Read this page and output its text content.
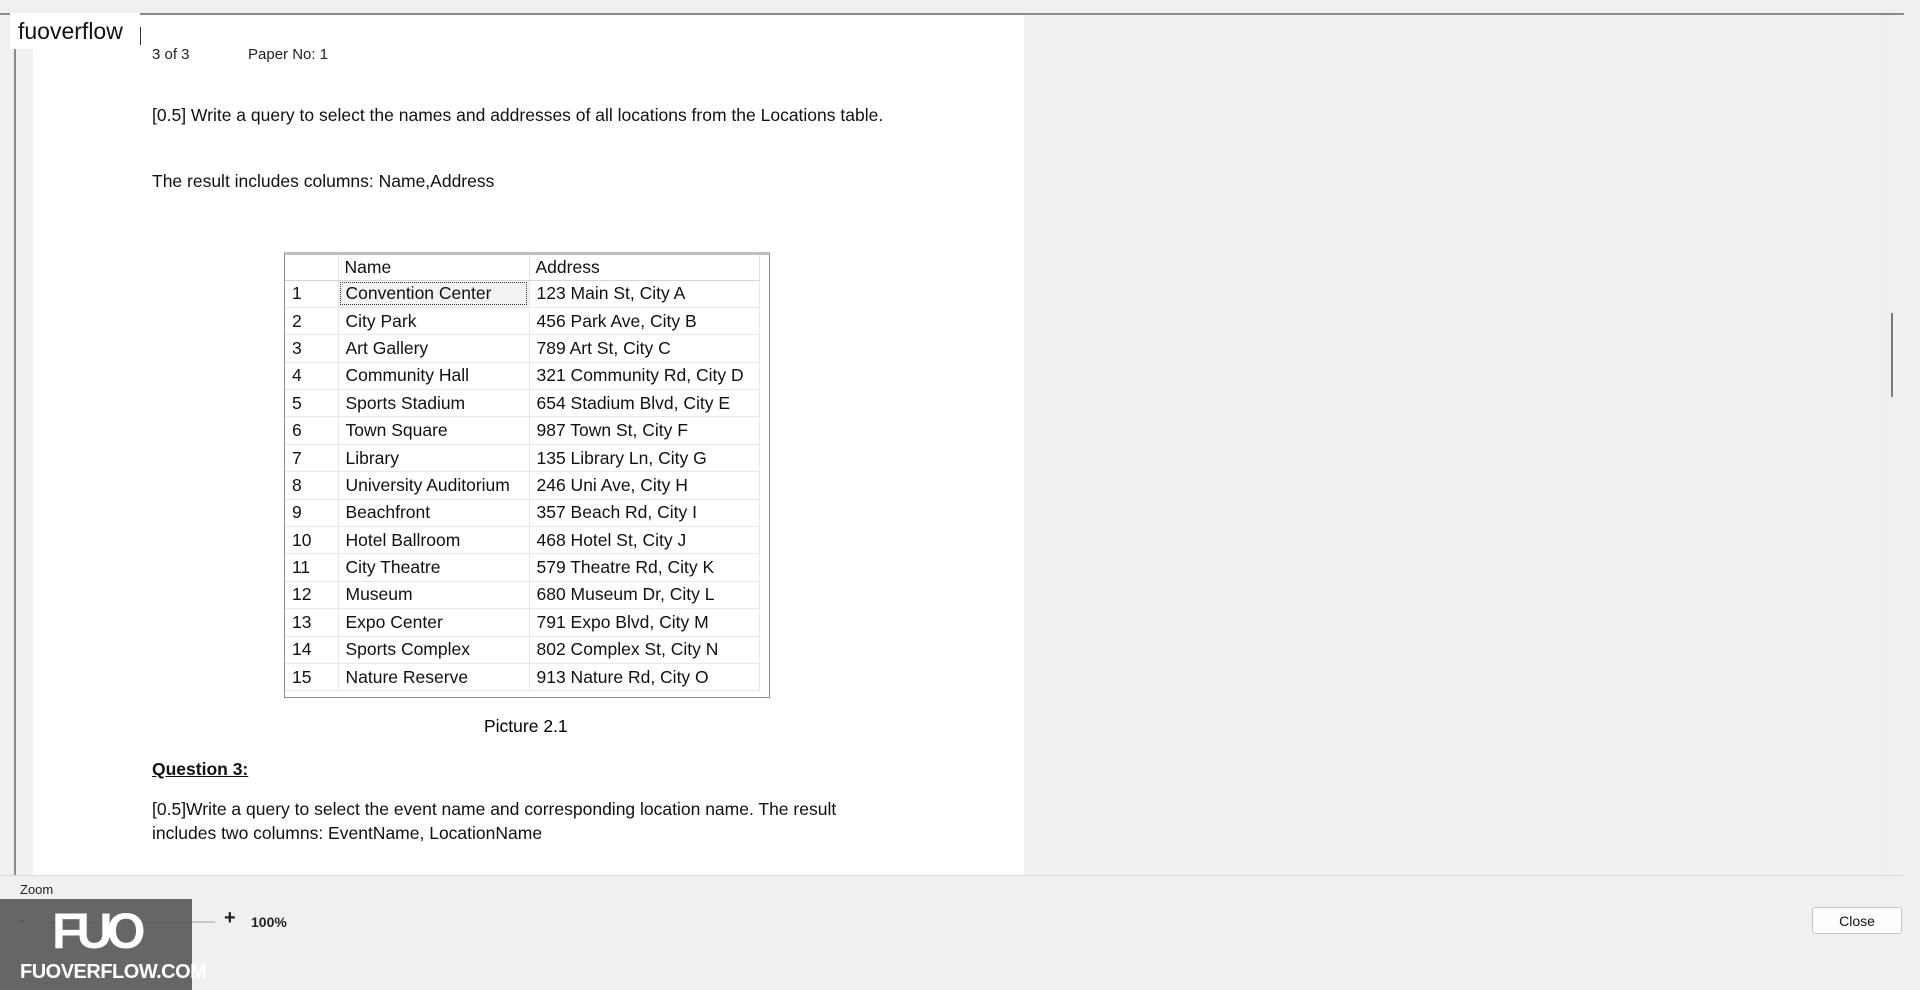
3 of 3	Paper No: 1
[0.5] Write a query to select the names and addresses of all locations from the Locations table.
The result includes columns: Name,Address
	Name	Address
1	Convention Center	123 Main St, City A
2	City Park	456 Park Ave, City B
3	Art Gallery	789 Art St, City C
4	Community Hall	321 Community Rd, City D
5	Sports Stadium	654 Stadium Blvd, City E
6	Town Square	987 Town St, City F
7	Library	135 Library Ln, City G
8	University Auditorium	246 Uni Ave, City H
9	Beachfront	357 Beach Rd, City I
10	Hotel Ballroom	468 Hotel St, City J
11	City Theatre	579 Theatre Rd, City K
12	Museum	680 Museum Dr, City L
13	Expo Center	791 Expo Blvd, City M
14	Sports Complex	802 Complex St, City N
15	Nature Reserve	913 Nature Rd, City O
Picture 2.1
Question 3:
[0.5]Write a query to select the event name and corresponding location name. The result includes two columns: EventName, LocationName
fuoverflow
Zoom
+ 100%
FUO
FUOVERFLOW.COM
Close
